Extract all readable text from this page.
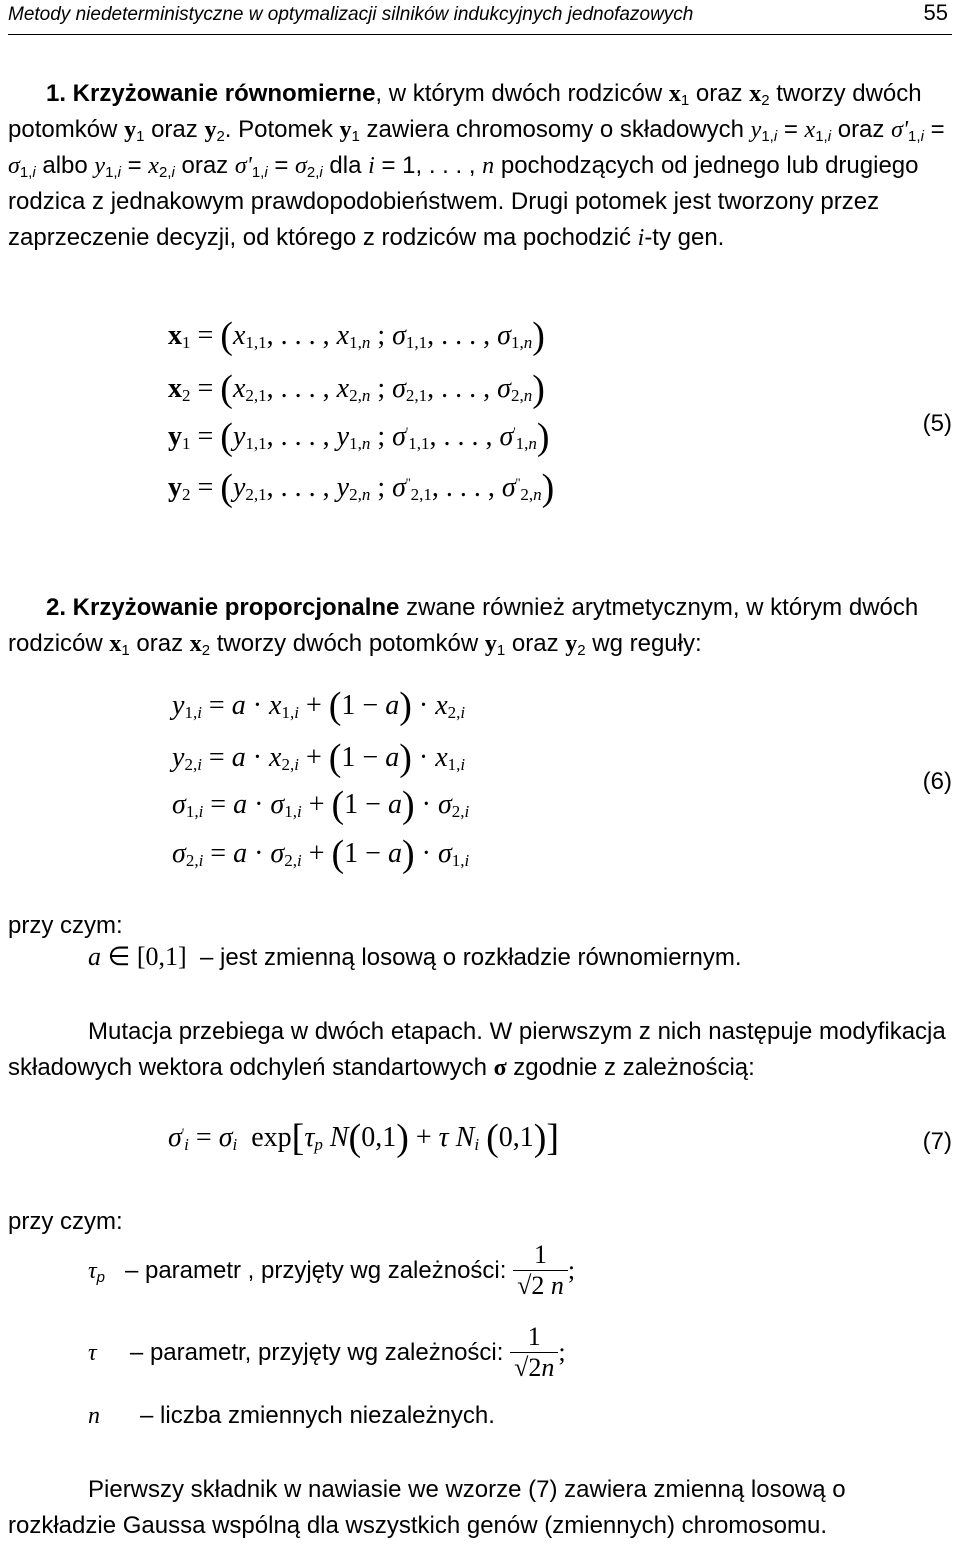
Metody niedeterministyczne w optymalizacji silników indukcyjnych jednofazowych	55
1. Krzyżowanie równomierne, w którym dwóch rodziców x1 oraz x2 tworzy dwóch potomków y1 oraz y2. Potomek y1 zawiera chromosomy o składowych y1,i = x1,i oraz σ'1,i = σ1,i albo y1,i = x2,i oraz σ'1,i = σ2,i dla i = 1, . . . , n pochodzących od jednego lub drugiego rodzica z jednakowym prawdopodobieństwem. Drugi potomek jest tworzony przez zaprzeczenie decyzji, od którego z rodziców ma pochodzić i-ty gen.
x1 = (x1,1, . . . , x1,n ; σ1,1, . . . , σ1,n)
x2 = (x2,1, . . . , x2,n ; σ2,1, . . . , σ2,n)
y1 = (y1,1, . . . , y1,n ; σ'1,1, . . . , σ'1,n)
y2 = (y2,1, . . . , y2,n ; σ''2,1, . . . , σ''2,n)
(5)
2. Krzyżowanie proporcjonalne zwane również arytmetycznym, w którym dwóch rodziców x1 oraz x2 tworzy dwóch potomków y1 oraz y2 wg reguły:
y1,i = a · x1,i + (1 − a) · x2,i
y2,i = a · x2,i + (1 − a) · x1,i
σ1,i = a · σ1,i + (1 − a) · σ2,i
σ2,i = a · σ2,i + (1 − a) · σ1,i
(6)
przy czym:
a ∈ [0,1]  – jest zmienną losową o rozkładzie równomiernym.
Mutacja przebiega w dwóch etapach. W pierwszym z nich następuje modyfikacja składowych wektora odchyleń standartowych σ zgodnie z zależnością:
σ'i = σi  exp[τp N(0,1) + τ Ni (0,1)]	(7)
przy czym:
τp   – parametr , przyjęty wg zależności: $\frac{1}{√2 n}$ ;
τ     – parametr, przyjęty wg zależności: $\frac{1}{√2n}$ ;
n      – liczba zmiennych niezależnych.
Pierwszy składnik w nawiasie we wzorze (7) zawiera zmienną losową o rozkładzie Gaussa wspólną dla wszystkich genów (zmiennych) chromosomu.
